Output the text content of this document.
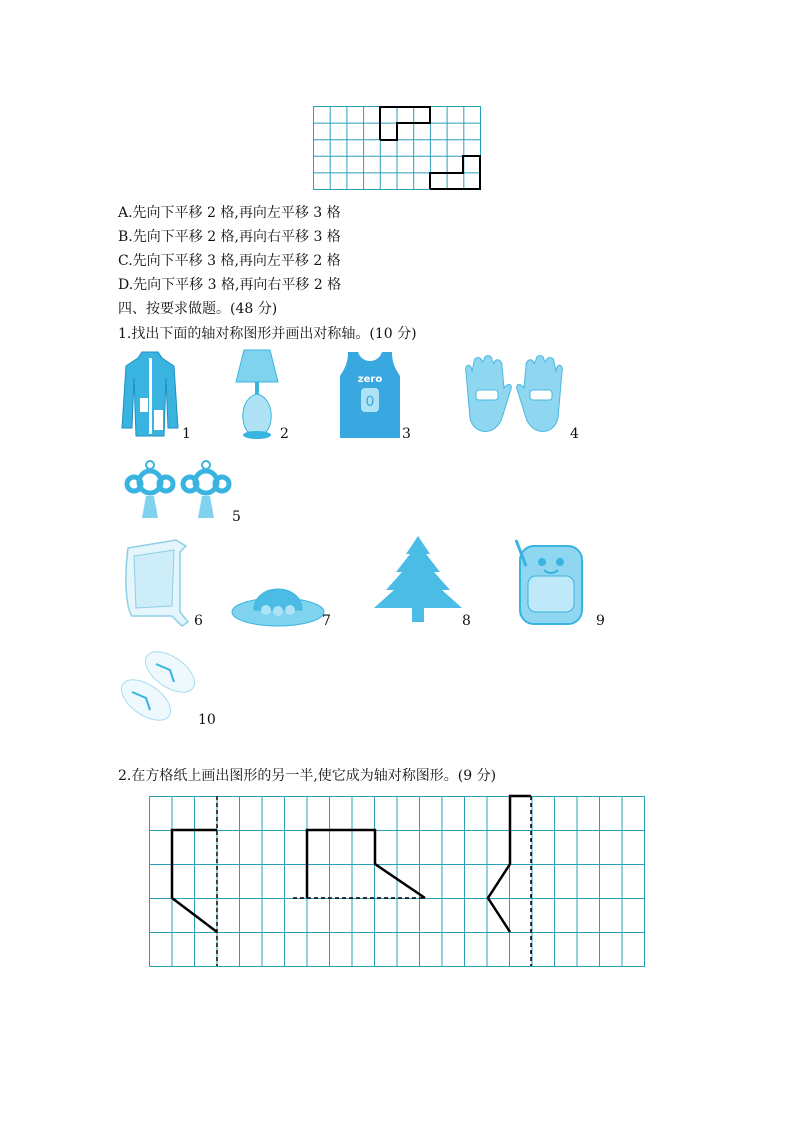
A.先向下平移 2 格,再向左平移 3 格
B.先向下平移 2 格,再向右平移 3 格
C.先向下平移 3 格,再向左平移 2 格
D.先向下平移 3 格,再向右平移 2 格
四、按要求做题。(48 分)
1.找出下面的轴对称图形并画出对称轴。(10 分)
1	2
zero
0
3	4
5
6	7	8	9
10
2.在方格纸上画出图形的另一半,使它成为轴对称图形。(9 分)
